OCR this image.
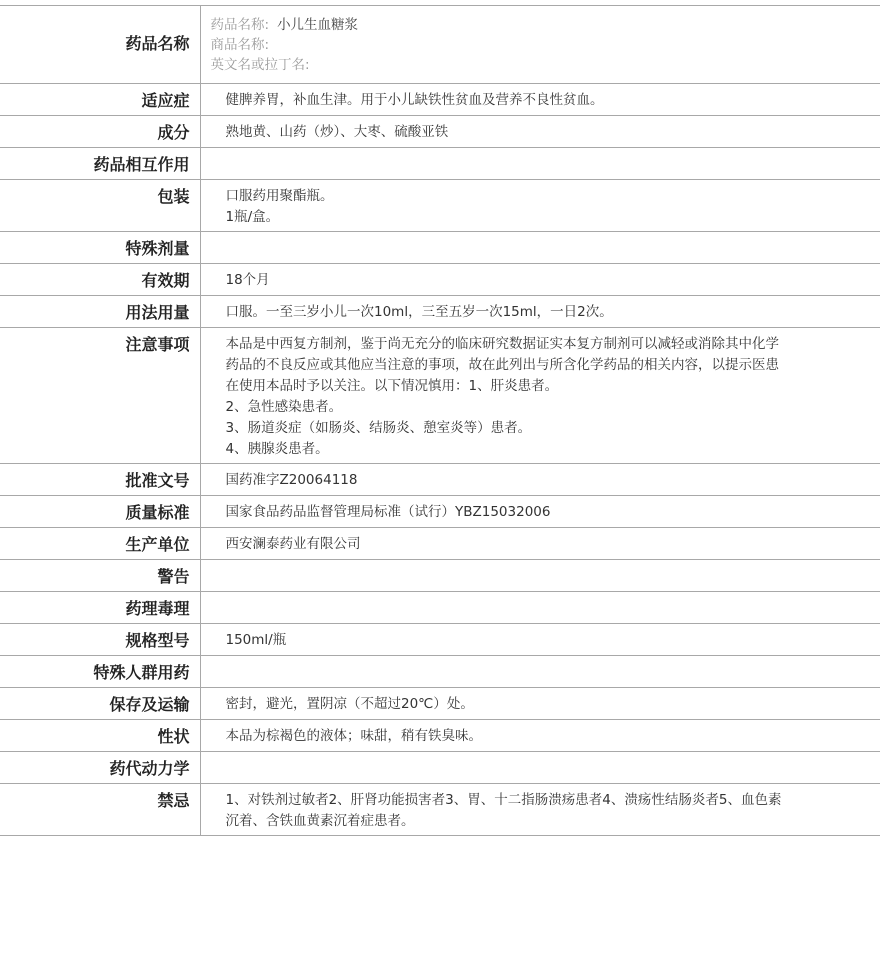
药品名称	药品名称: 小儿生血糖浆
商品名称:
英文名或拉丁名:

适应症	健脾养胃，补血生津。用于小儿缺铁性贫血及营养不良性贫血。
成分	熟地黄、山药（炒）、大枣、硫酸亚铁
药品相互作用	
包装	口服药用聚酯瓶。
1瓶/盒。

特殊剂量	
有效期	18个月
用法用量	口服。一至三岁小儿一次10ml，三至五岁一次15ml，一日2次。
注意事项	本品是中西复方制剂，鉴于尚无充分的临床研究数据证实本复方制剂可以减轻或消除其中化学药品的不良反应或其他应当注意的事项，故在此列出与所含化学药品的相关内容，以提示医患在使用本品时予以关注。以下情况慎用：1、肝炎患者。
2、急性感染患者。
3、肠道炎症（如肠炎、结肠炎、憩室炎等）患者。
4、胰腺炎患者。

批准文号	国药准字Z20064118
质量标准	国家食品药品监督管理局标准（试行）YBZ15032006
生产单位	西安澜泰药业有限公司
警告	
药理毒理	
规格型号	150ml/瓶
特殊人群用药	
保存及运输	密封，避光，置阴凉（不超过20℃）处。
性状	本品为棕褐色的液体；味甜，稍有铁臭味。
药代动力学	
禁忌	1、对铁剂过敏者2、肝肾功能损害者3、胃、十二指肠溃疡患者4、溃疡性结肠炎者5、血色素沉着、含铁血黄素沉着症患者。
